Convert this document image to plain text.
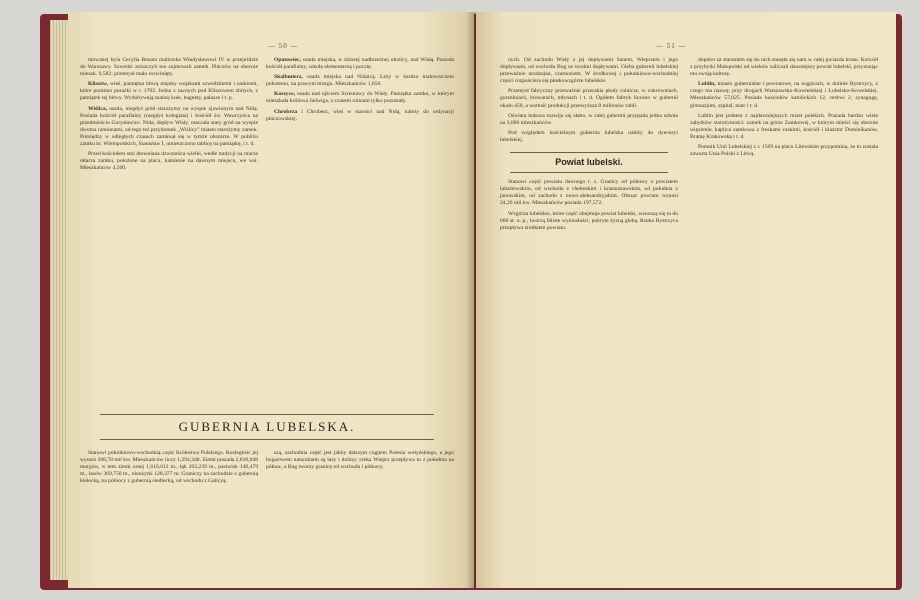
— 50 —

mowanej byla Cecylia Renata malżonka Władysławowi IV w przejeździe do Warszawy. Szwedzi zniszczyli ten zajmowali zamek. Pińczów na obecnie mieszk. 9,582; przemysł mało rozwinięty.

Kliszów, wieś, pamiętna bitwą między wojskami szwedzkiemi i saskiemi, które pomimo porażki w r. 1702. Jedna z zacnych pod Kliszowem zbitych, z pamiątek tej bitwy. Wydobywają szańcę kule, bagnety, pałasze i t. p.

Wiślica, osada, niegdyś gród starożytny na wyspie zjawionym nad Nidą. Posiada kościół parafialny (niegdyś kolegiata) i kościół św. Wawrzyńca na przedmieściu Gorysławice. Nida, dopływ Wisły, otaczała stary gród na wyspie dwoma ramionami, od tego też przydomek „Wiślicy” miasto starożytny zamek. Pomiędzy w odległych czasach zamknął się w tymże obszarze. W pobliżu zamku hr. Wielopolskich, Stanisław I, umieszczono tablicę na pamiątkę, i t. d.

Przed kościołem stoi drewniana dzwonnica wielki, wedle tradycji na murze ołtarza zamku, położone na placu, kamienie na dawnym miejscu, we wsi. Mieszkańców 4,500.

Opatowiec, osada miejska, w niższej nadbrzeżnej okolicy, nad Wisłą. Posiada kościół parafialny, szkołę elementarną i pocztę.

Skalbmierz, osada miejska nad Nidzicą. Leży w bardzo malowniczem położeniu, na prawym brzegu. Mieszkańców 1,850.

Koszyce, osada nad ujściem Szreniawy do Wisły. Pamiątka zamku, w którym mieszkała królowa Jadwiga, z czasem ruinami tylko pozostały.

Chrobrza i Chroberz, wieś w starości nad Nidą, należy do ordynacji pińczowskiej.

GUBERNIA LUBELSKA.

Stanowi południowo-wschodnią część Królestwa Polskiego. Rozległość jej wynosi 308,78 mil kw. Mieszkańców liczy 1,294,348. Ziemi posiada 2,816,048 morgów, w tem ziemi ornej 1,616,612 m., łąk 203,239 m., pastwisk 146,479 m., lasów 369,750 m., nieużytki 128,377 m. Graniczy na zachodzie z gubernią kielecką, na północy z gubernią siedlecką, od wschodu z Galicyą.

szą, zachodnia część jest jakby dalszym ciągiem Polesia wołyńskiego, a jego bogactwem naturalnem są lasy i doliny; rzeka Wieprz przepływa tu z południa na północ, a Bug tworzy granicę od wschodu i północy.

— 51 —

nych. Od zachodu Wisły z jej dopływami Sanem, Wieprzem i jego dopływami, od wschodu Bug ze swoimi dopływami. Gleba gubernii lubelskiej przeważnie urodzajna, czarnoziem. W środkowej i południowo-wschodniej części rozpościera się płaskowzgórze lubelskie.

Przemysł fabryczny przeważnie przerabia płody rolnicze, w cukrowniach, gorzelniach, browarach, młynach i t. d. Ogółem fabryk liczono w gubernii około 450, a wartość produkcji przewyższa 8 milionów rubli.

Oświata ludowa rozwija się słabo, w całej gubernii przypada jedna szkoła na 3,000 mieszkańców.

Pod względem kościelnym gubernia lubelska należy do dyecezyi lubelskiej.

Powiat lubelski.

Stanowi część powiatu dawnego t. z. Granicy od północy z powiatem lubartowskim, od wschodu z chełmskim i krasnostawskim, od południa z janowskim, od zachodu z nowo-aleksandryjskim. Obszar powiatu wynosi 24,26 mil kw. Mieszkańców posiada 197,572.

Wzgórza lubelskie, które część obejmuje powiat lubelski, wznoszą się tu do 600 st. n. p., tworzą faliste wyniosłości, pokryte żyzną glebą. Rzeka Bystrzyca przepływa środkiem powiatu.

dopiero za staraniem się do nich stanęła się nam w całej gwiazda krasu. Kościół z przybytki Małopolski od wieków zaliczali dawniejszy powiat lubelski, przyznając mu swoją kulturę.

Lublin, miasto gubernialne i powiatowe, na wągórach, w dolinie Bystrzycy, z czego ma nazwę; przy drogach Warszawsko-Kowieńskiej i Lubelsko-Kowelskiej. Mieszkańców 57,025. Posiada kościołów katolickich 12, cerkwi 2, synagogę, gimnazjum, szpital, teatr i t. d.

Lublin jest jednem z najdawniejszych miast polskich. Posiada bardzo wiele zabytków starożytności: zamek na górze Zamkowej, w którym mieści się obecnie więzienie, kaplica zamkowa z freskami ruskimi, kościół i klasztor Dominikanów, Bramę Krakowską i t. d.

Pomnik Unii Lubelskiej z r. 1569 na placu Litewskim przypomina, że tu została zawarta Unia Polski z Litwą.
